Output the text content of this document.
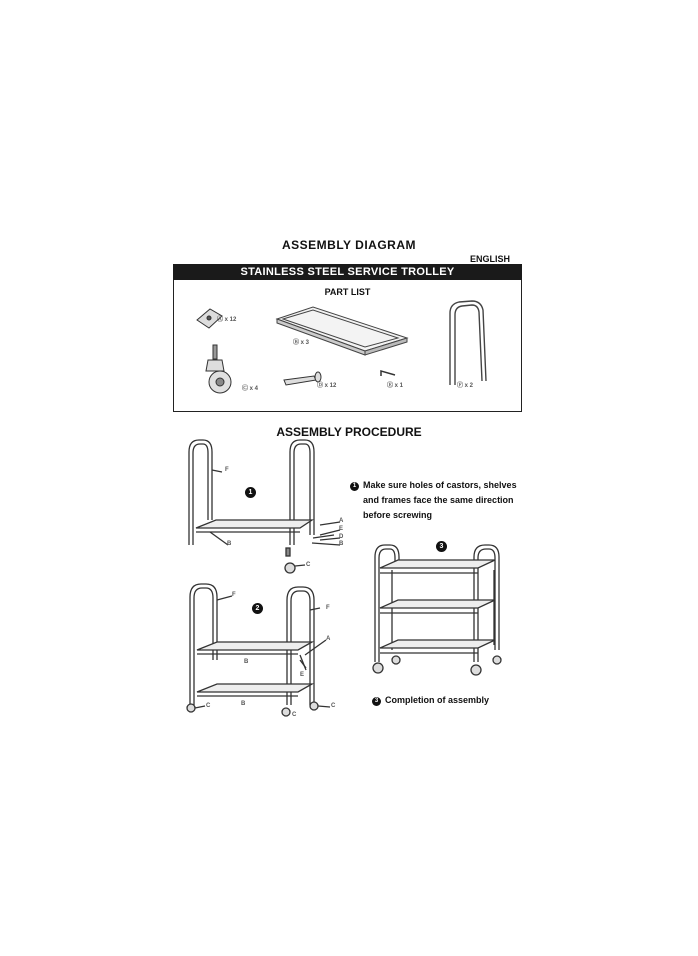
ASSEMBLY DIAGRAM
ENGLISH
STAINLESS STEEL SERVICE TROLLEY
PART LIST
Ⓐ x 12
Ⓑ x 3
Ⓕ x 2
Ⓒ x 4	Ⓓ x 12	Ⓔ x 1
ASSEMBLY PROCEDURE
1
2
3
F
B
A
E
D
B
C
F
F
A
B
E
B
C
C
C
1 Make sure holes of castors, shelves
and frames face the same direction
before screwing
3 Completion of assembly
